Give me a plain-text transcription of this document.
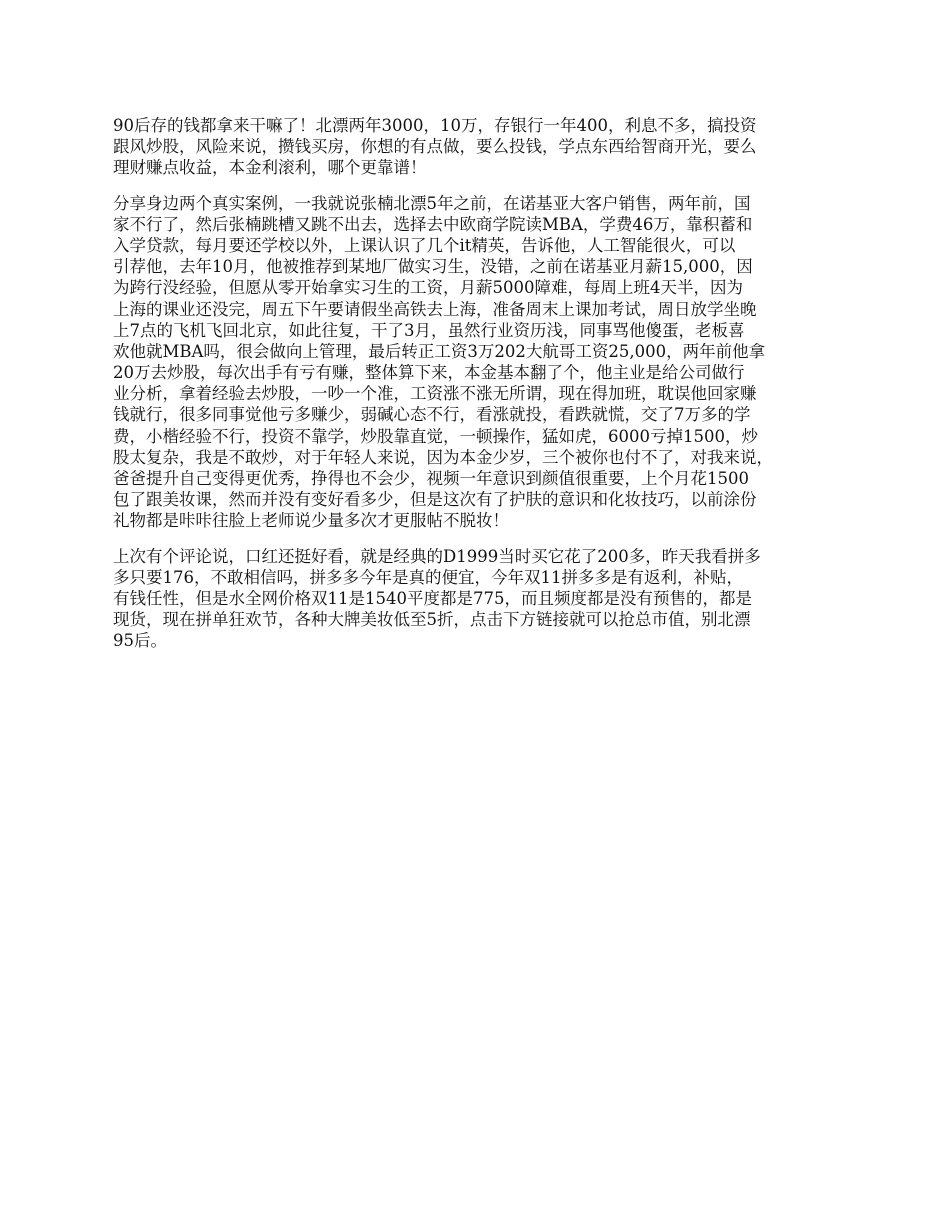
90后存的钱都拿来干嘛了！北漂两年3000，10万，存银行一年400，利息不多，搞投资
跟风炒股，风险来说，攒钱买房，你想的有点做，要么投钱，学点东西给智商开光，要么
理财赚点收益，本金利滚利，哪个更靠谱！
分享身边两个真实案例，一我就说张楠北漂5年之前，在诺基亚大客户销售，两年前，国
家不行了，然后张楠跳槽又跳不出去，选择去中欧商学院读MBA，学费46万，靠积蓄和
入学贷款，每月要还学校以外，上课认识了几个it精英，告诉他，人工智能很火，可以
引荐他，去年10月，他被推荐到某地厂做实习生，没错，之前在诺基亚月薪15,000，因
为跨行没经验，但愿从零开始拿实习生的工资，月薪5000障难，每周上班4天半，因为
上海的课业还没完，周五下午要请假坐高铁去上海，准备周末上课加考试，周日放学坐晚
上7点的飞机飞回北京，如此往复，干了3月，虽然行业资历浅，同事骂他傻蛋，老板喜
欢他就MBA吗，很会做向上管理，最后转正工资3万202大航哥工资25,000，两年前他拿
20万去炒股，每次出手有亏有赚，整体算下来，本金基本翻了个，他主业是给公司做行
业分析，拿着经验去炒股，一吵一个准，工资涨不涨无所谓，现在得加班，耽误他回家赚
钱就行，很多同事觉他亏多赚少，弱碱心态不行，看涨就投，看跌就慌，交了7万多的学
费，小楷经验不行，投资不靠学，炒股靠直觉，一顿操作，猛如虎，6000亏掉1500，炒
股太复杂，我是不敢炒，对于年轻人来说，因为本金少岁，三个被你也付不了，对我来说，
爸爸提升自己变得更优秀，挣得也不会少，视频一年意识到颜值很重要，上个月花1500
包了跟美妆课，然而并没有变好看多少，但是这次有了护肤的意识和化妆技巧，以前涂份
礼物都是咔咔往脸上老师说少量多次才更服帖不脱妆！
上次有个评论说，口红还挺好看，就是经典的D1999当时买它花了200多，昨天我看拼多
多只要176，不敢相信吗，拼多多今年是真的便宜，今年双11拼多多是有返利，补贴，
有钱任性，但是水全网价格双11是1540平度都是775，而且频度都是没有预售的，都是
现货，现在拼单狂欢节，各种大牌美妆低至5折，点击下方链接就可以抢总市值，别北漂
95后。
